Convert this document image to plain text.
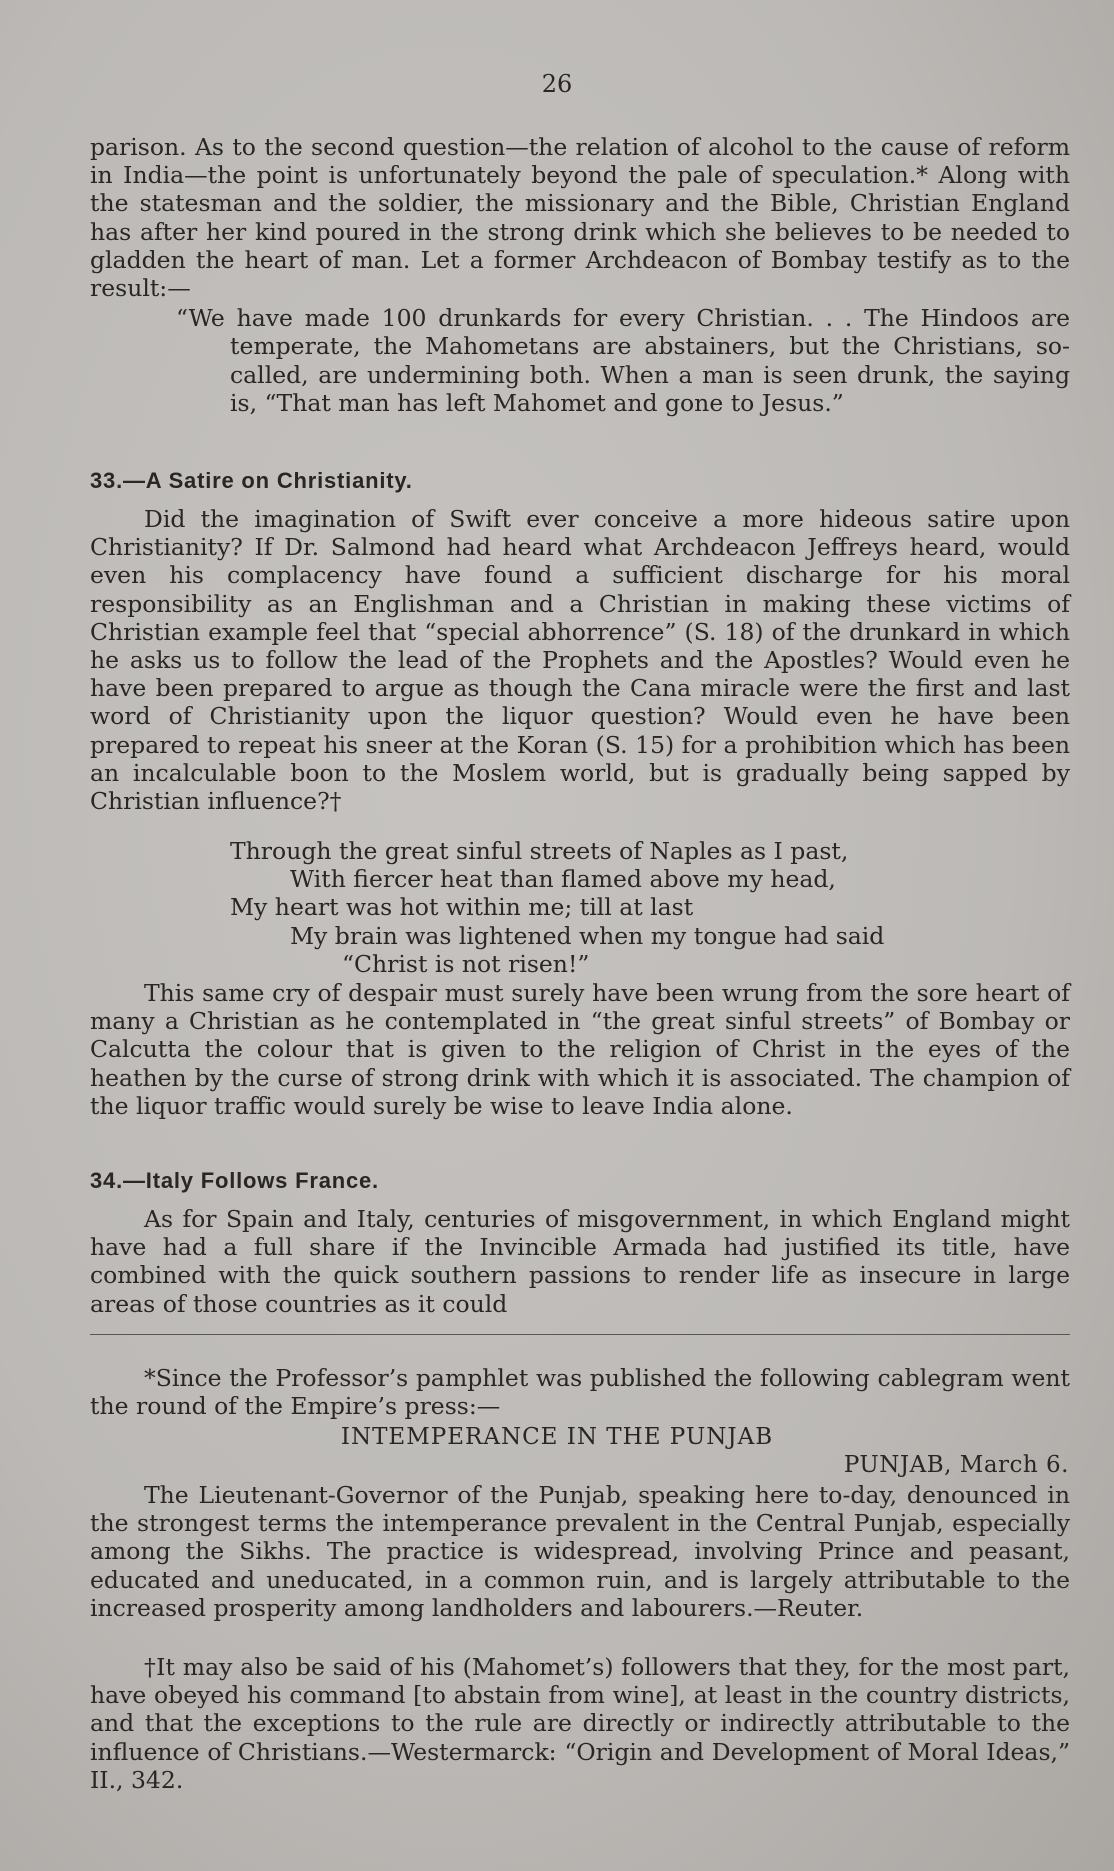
26

parison. As to the second question—the relation of alcohol to the cause of reform in India—the point is unfortunately beyond the pale of speculation.* Along with the statesman and the soldier, the missionary and the Bible, Christian England has after her kind poured in the strong drink which she believes to be needed to gladden the heart of man. Let a former Archdeacon of Bombay testify as to the result:—

“We have made 100 drunkards for every Christian. . . The Hindoos are temperate, the Mahometans are abstainers, but the Christians, so-called, are undermining both. When a man is seen drunk, the saying is, “That man has left Mahomet and gone to Jesus.”

33.—A Satire on Christianity.

Did the imagination of Swift ever conceive a more hideous satire upon Christianity? If Dr. Salmond had heard what Archdeacon Jeffreys heard, would even his complacency have found a sufficient discharge for his moral responsibility as an Englishman and a Christian in making these victims of Christian example feel that “special abhorrence” (S. 18) of the drunkard in which he asks us to follow the lead of the Prophets and the Apostles? Would even he have been prepared to argue as though the Cana miracle were the first and last word of Christianity upon the liquor question? Would even he have been prepared to repeat his sneer at the Koran (S. 15) for a prohibition which has been an incalculable boon to the Moslem world, but is gradually being sapped by Christian influence?†

Through the great sinful streets of Naples as I past,
With fiercer heat than flamed above my head,
My heart was hot within me; till at last
My brain was lightened when my tongue had said
“Christ is not risen!”

This same cry of despair must surely have been wrung from the sore heart of many a Christian as he contemplated in “the great sinful streets” of Bombay or Calcutta the colour that is given to the religion of Christ in the eyes of the heathen by the curse of strong drink with which it is associated. The champion of the liquor traffic would surely be wise to leave India alone.

34.—Italy Follows France.

As for Spain and Italy, centuries of misgovernment, in which England might have had a full share if the Invincible Armada had justified its title, have combined with the quick southern passions to render life as insecure in large areas of those countries as it could

*Since the Professor’s pamphlet was published the following cablegram went the round of the Empire’s press:—

INTEMPERANCE IN THE PUNJAB
PUNJAB, March 6.

The Lieutenant-Governor of the Punjab, speaking here to-day, denounced in the strongest terms the intemperance prevalent in the Central Punjab, especially among the Sikhs. The practice is widespread, involving Prince and peasant, educated and uneducated, in a common ruin, and is largely attributable to the increased prosperity among landholders and labourers.—Reuter.

†It may also be said of his (Mahomet’s) followers that they, for the most part, have obeyed his command [to abstain from wine], at least in the country districts, and that the exceptions to the rule are directly or indirectly attributable to the influence of Christians.—Westermarck: “Origin and Development of Moral Ideas,” II., 342.
